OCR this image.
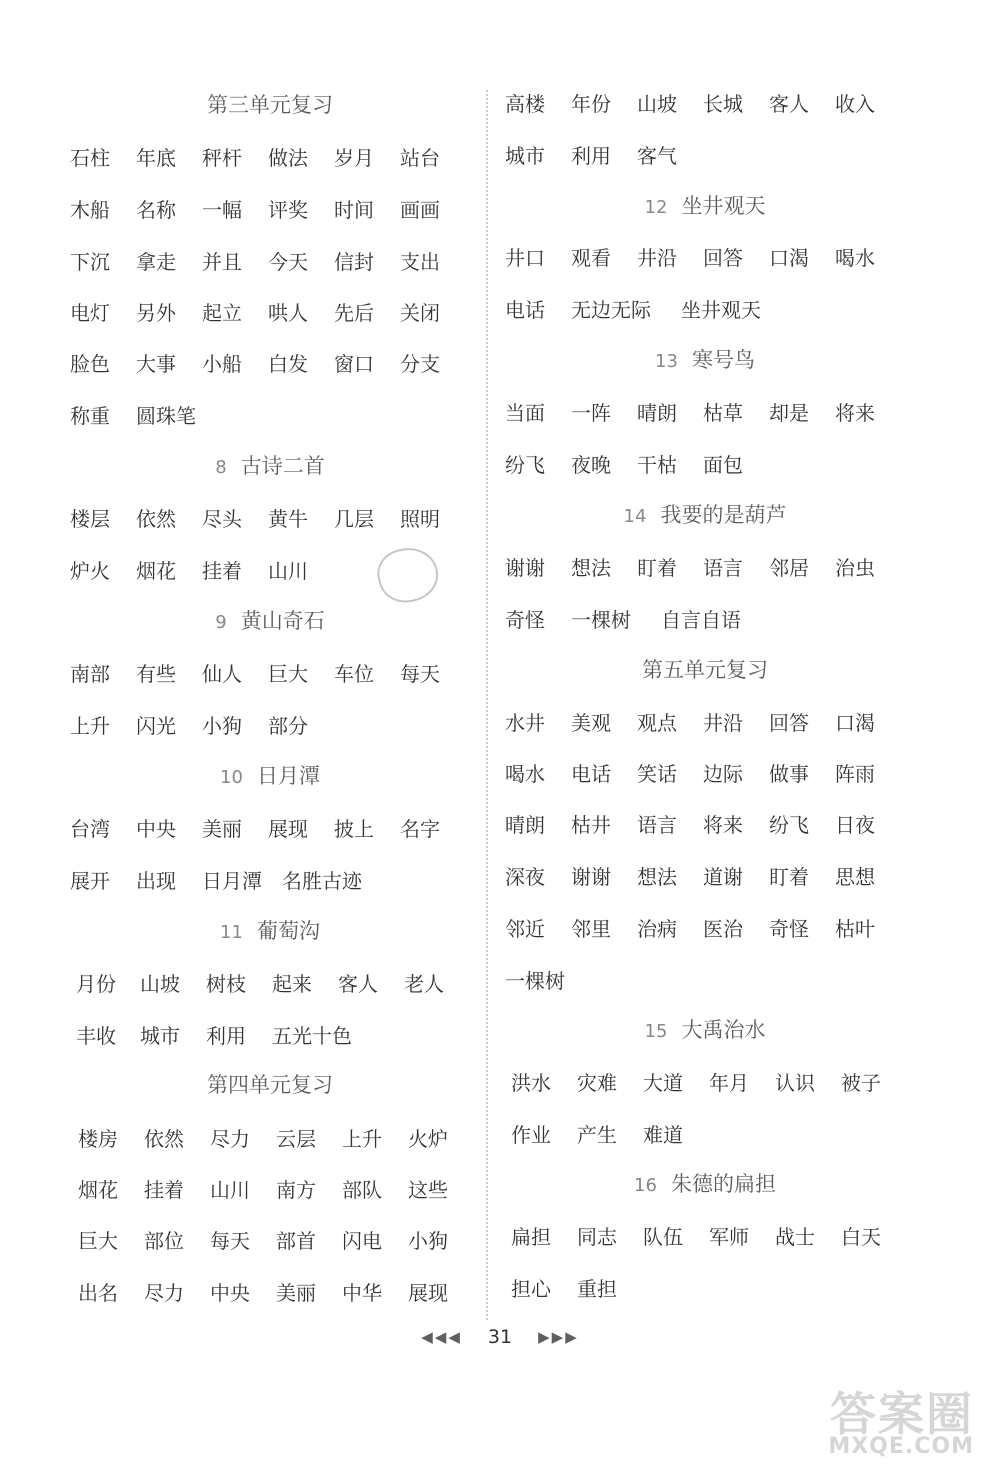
第三单元复习
石柱 年底 秤杆 做法 岁月 站台
木船 名称 一幅 评奖 时间 画画
下沉 拿走 并且 今天 信封 支出
电灯 另外 起立 哄人 先后 关闭
脸色 大事 小船 白发 窗口 分支
称重 圆珠笔
8 古诗二首
楼层 依然 尽头 黄牛 几层 照明
炉火 烟花 挂着 山川
9 黄山奇石
南部 有些 仙人 巨大 车位 每天
上升 闪光 小狗 部分
10 日月潭
台湾 中央 美丽 展现 披上 名字
展开 出现 日月潭 名胜古迹
11 葡萄沟
月份 山坡 树枝 起来 客人 老人
丰收 城市 利用 五光十色
第四单元复习
楼房 依然 尽力 云层 上升 火炉
烟花 挂着 山川 南方 部队 这些
巨大 部位 每天 部首 闪电 小狗
出名 尽力 中央 美丽 中华 展现
高楼 年份 山坡 长城 客人 收入
城市 利用 客气
12 坐井观天
井口 观看 井沿 回答 口渴 喝水
电话 无边无际 坐井观天
13 寒号鸟
当面 一阵 晴朗 枯草 却是 将来
纷飞 夜晚 干枯 面包
14 我要的是葫芦
谢谢 想法 盯着 语言 邻居 治虫
奇怪 一棵树 自言自语
第五单元复习
水井 美观 观点 井沿 回答 口渴
喝水 电话 笑话 边际 做事 阵雨
晴朗 枯井 语言 将来 纷飞 日夜
深夜 谢谢 想法 道谢 盯着 思想
邻近 邻里 治病 医治 奇怪 枯叶
一棵树
15 大禹治水
洪水 灾难 大道 年月 认识 被子
作业 产生 难道
16 朱德的扁担
扁担 同志 队伍 军师 战士 白天
担心 重担
◀◀◀ 31 ▶▶▶
答案圈
MXQE.COM
